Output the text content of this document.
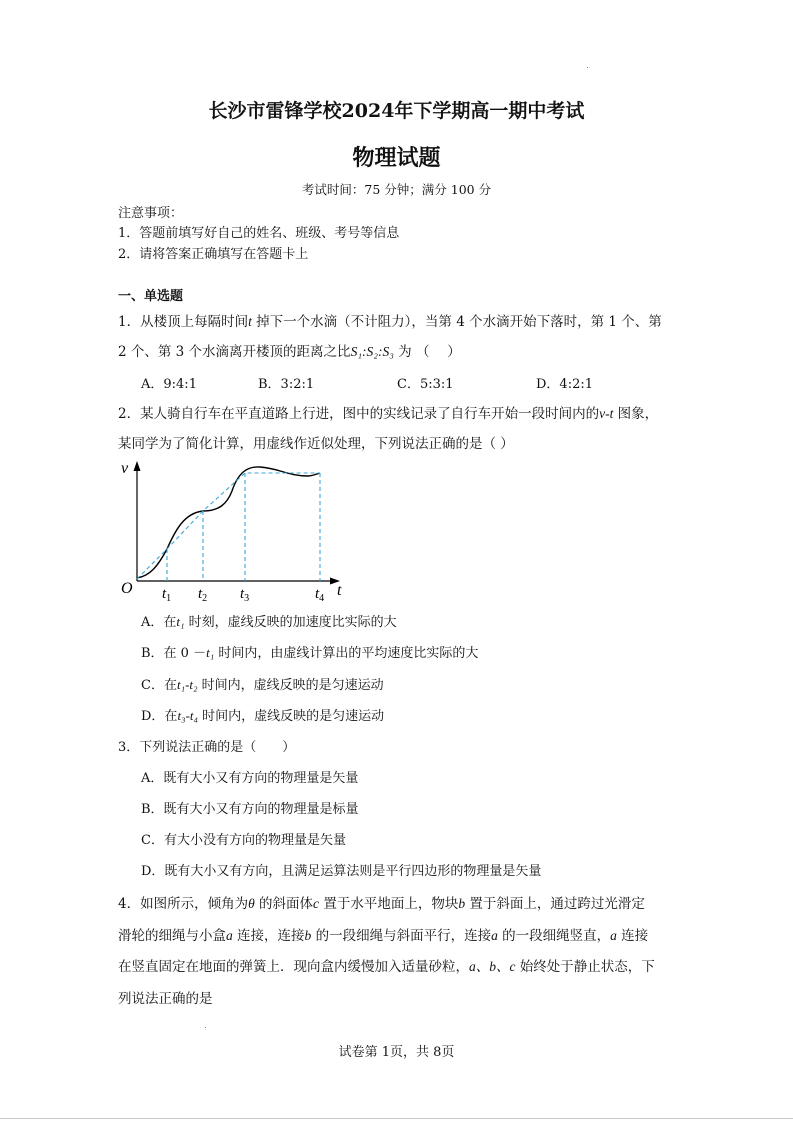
长沙市雷锋学校2024年下学期高一期中考试
物理试题
考试时间：75 分钟；满分 100 分
注意事项：
1．答题前填写好自己的姓名、班级、考号等信息
2．请将答案正确填写在答题卡上
一、单选题
1．从楼顶上每隔时间t 掉下一个水滴（不计阻力），当第 4 个水滴开始下落时，第 1 个、第
2 个、第 3 个水滴离开楼顶的距离之比S₁:S₂:S₃ 为 （　 ）
A．9:4:1	B．3:2:1	C．5:3:1	D．4:2:1
2．某人骑自行车在平直道路上行进，图中的实线记录了自行车开始一段时间内的v-t 图象，
某同学为了简化计算，用虚线作近似处理，下列说法正确的是（ ）
v
t
O $t_1$ $t_2$ $t_3$	$t_4$
A．在t₁ 时刻，虚线反映的加速度比实际的大
B．在 0 －t₁ 时间内，由虚线计算出的平均速度比实际的大
C．在t₁-t₂ 时间内，虚线反映的是匀速运动
D．在t₃-t₄ 时间内，虚线反映的是匀速运动
3．下列说法正确的是（　　）
A．既有大小又有方向的物理量是矢量
B．既有大小又有方向的物理量是标量
C．有大小没有方向的物理量是矢量
D．既有大小又有方向，且满足运算法则是平行四边形的物理量是矢量
4．如图所示，倾角为θ 的斜面体c 置于水平地面上，物块b 置于斜面上，通过跨过光滑定
滑轮的细绳与小盒a 连接，连接b 的一段细绳与斜面平行，连接a 的一段细绳竖直，a 连接
在竖直固定在地面的弹簧上．现向盒内缓慢加入适量砂粒，a、b、c 始终处于静止状态，下
列说法正确的是
试卷第 1页，共 8页
